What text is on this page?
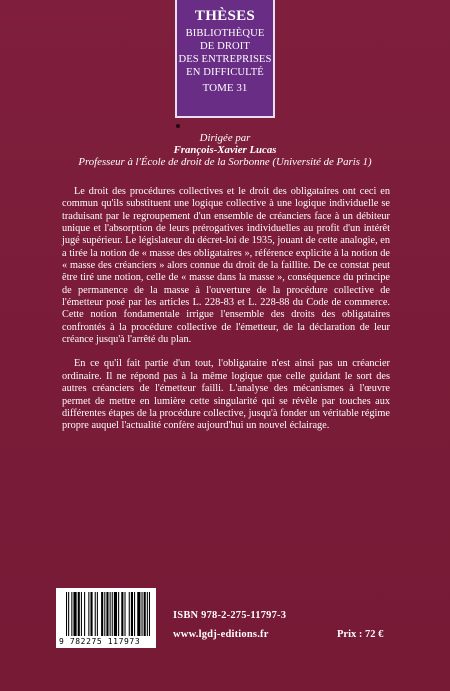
THÈSES
BIBLIOTHÈQUE
DE DROIT
DES ENTREPRISES
EN DIFFICULTÉ
TOME 31
Dirigée par
François-Xavier Lucas
Professeur à l'École de droit de la Sorbonne (Université de Paris 1)

Le droit des procédures collectives et le droit des obligataires ont ceci en commun qu'ils substituent une logique collective à une logique individuelle se traduisant par le regroupement d'un ensemble de créanciers face à un débiteur unique et l'absorption de leurs prérogatives individuelles au profit d'un intérêt jugé supérieur. Le législateur du décret-loi de 1935, jouant de cette analogie, en a tirée la notion de « masse des obligataires », référence explicite à la notion de « masse des créanciers » alors connue du droit de la faillite. De ce constat peut être tiré une notion, celle de « masse dans la masse », conséquence du principe de permanence de la masse à l'ouverture de la procédure collective de l'émetteur posé par les articles L. 228-83 et L. 228-88 du Code de commerce. Cette notion fondamentale irrigue l'ensemble des droits des obligataires confrontés à la procédure collective de l'émetteur, de la déclaration de leur créance jusqu'à l'arrêté du plan.

En ce qu'il fait partie d'un tout, l'obligataire n'est ainsi pas un créancier ordinaire. Il ne répond pas à la même logique que celle guidant le sort des autres créanciers de l'émetteur failli. L'analyse des mécanismes à l'œuvre permet de mettre en lumière cette singularité qui se révèle par touches aux différentes étapes de la procédure collective, jusqu'à fonder un véritable régime propre auquel l'actualité confère aujourd'hui un nouvel éclairage.

9 782275 117973
ISBN 978-2-275-11797-3
www.lgdj-editions.fr	Prix : 72 €
